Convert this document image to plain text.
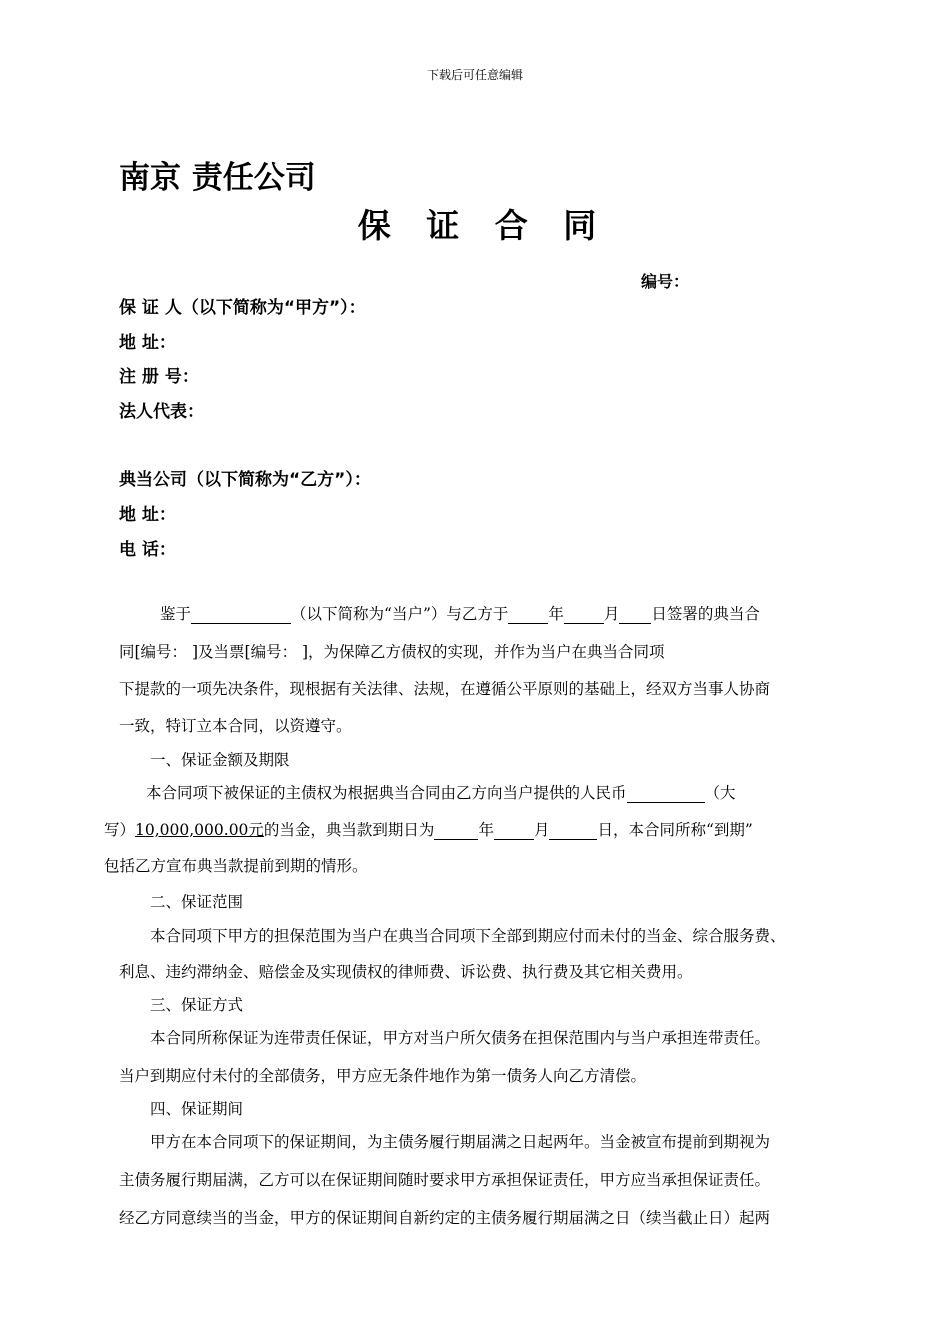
下载后可任意编辑
南京 责任公司
保 证 合 同
编号：
保 证 人（以下简称为“甲方”）：
地 址：
注 册 号：
法人代表：
典当公司（以下简称为“乙方”）：
地 址：
电 话：
鉴于	（以下简称为“当户”）与乙方于	年	月 日签署的典当合
同[编号： ]及当票[编号： ]，为保障乙方债权的实现，并作为当户在典当合同项
下提款的一项先决条件，现根据有关法律、法规，在遵循公平原则的基础上，经双方当事人协商
一致，特订立本合同，以资遵守。
一、保证金额及期限
本合同项下被保证的主债权为根据典当合同由乙方向当户提供的人民币	（大
写）10,000,000.00元的当金，典当款到期日为	年	月	日，本合同所称“到期”
包括乙方宣布典当款提前到期的情形。
二、保证范围
本合同项下甲方的担保范围为当户在典当合同项下全部到期应付而未付的当金、综合服务费、
利息、违约滞纳金、赔偿金及实现债权的律师费、诉讼费、执行费及其它相关费用。
三、保证方式
本合同所称保证为连带责任保证，甲方对当户所欠债务在担保范围内与当户承担连带责任。
当户到期应付未付的全部债务，甲方应无条件地作为第一债务人向乙方清偿。
四、保证期间
甲方在本合同项下的保证期间，为主债务履行期届满之日起两年。当金被宣布提前到期视为
主债务履行期届满，乙方可以在保证期间随时要求甲方承担保证责任，甲方应当承担保证责任。
经乙方同意续当的当金，甲方的保证期间自新约定的主债务履行期届满之日（续当截止日）起两
